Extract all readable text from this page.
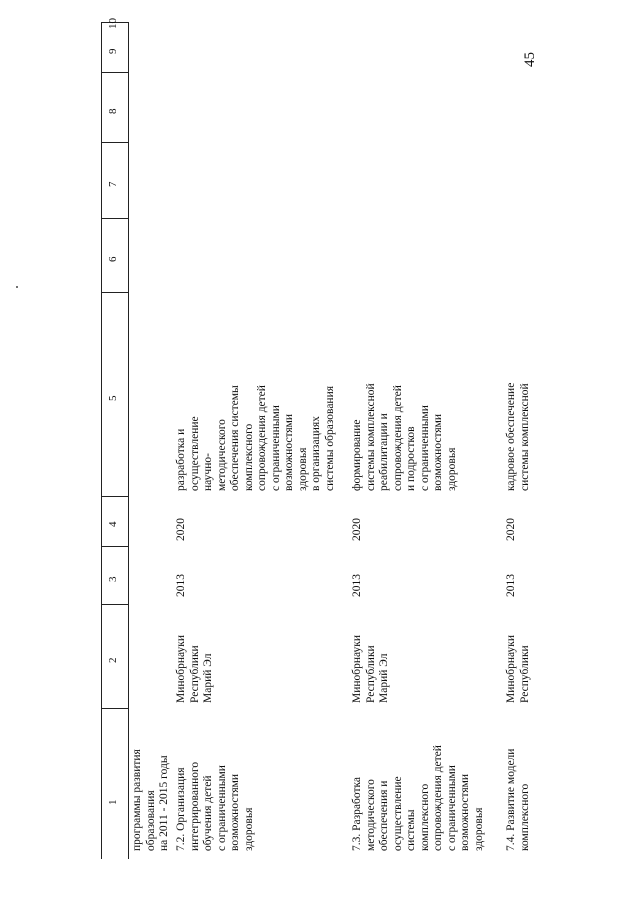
45
1
2
3
4
5
6
7
8
9
10
программы развития образования на 2011 - 2015 годы 7.2. Организация интегрированного обучения детей с ограниченными возможностями здоровья
Минобрнауки Республики Марий Эл
2013
2020
разработка и осуществление научно- методического обеспечения системы комплексного сопровождения детей с ограниченными возможностями здоровья в организациях системы образования
7.3. Разработка методического обеспечения и осуществление системы комплексного сопровождения детей с ограниченными возможностями здоровья
Минобрнауки Республики Марий Эл
2013
2020
формирование системы комплексной реабилитации и сопровождения детей и подростков с ограниченными возможностями здоровья
7.4. Развитие модели комплексного
Минобрнауки Республики
2013
2020
кадровое обеспечение системы комплексной
